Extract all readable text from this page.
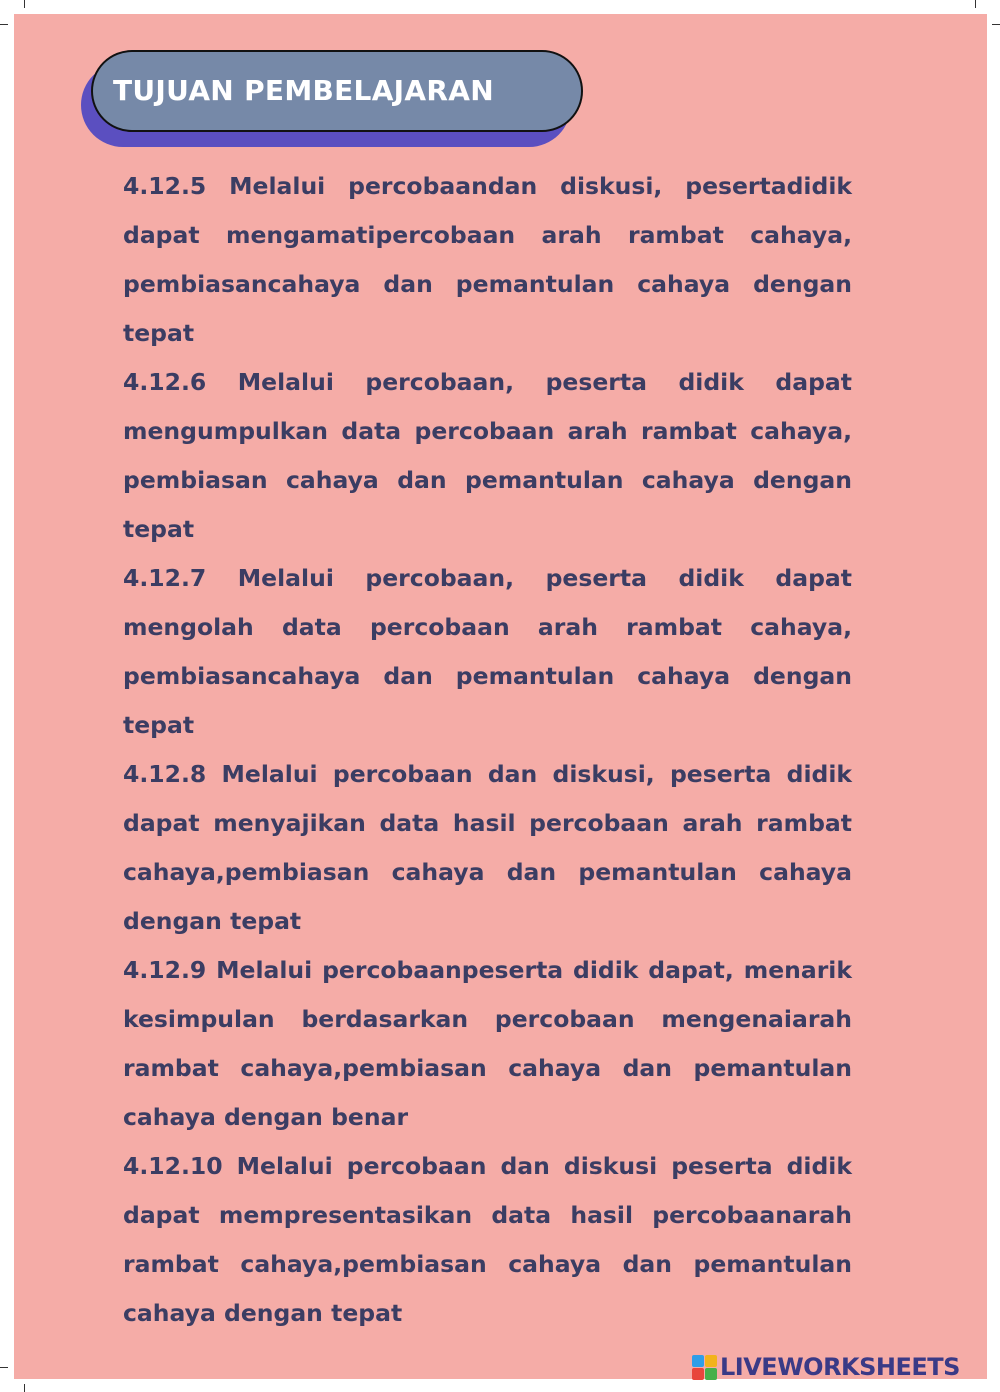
TUJUAN PEMBELAJARAN
4.12.5 Melalui percobaandan diskusi, pesertadidik dapat mengamatipercobaan arah rambat cahaya, pembiasancahaya dan pemantulan cahaya dengan tepat
4.12.6 Melalui percobaan, peserta didik dapat mengumpulkan data percobaan arah rambat cahaya, pembiasan cahaya dan pemantulan cahaya dengan tepat
4.12.7 Melalui percobaan, peserta didik dapat mengolah data percobaan arah rambat cahaya, pembiasancahaya dan pemantulan cahaya dengan tepat
4.12.8 Melalui percobaan dan diskusi, peserta didik dapat menyajikan data hasil percobaan arah rambat cahaya,pembiasan cahaya dan pemantulan cahaya dengan tepat
4.12.9 Melalui percobaanpeserta didik dapat, menarik kesimpulan berdasarkan percobaan mengenaiarah rambat cahaya,pembiasan cahaya dan pemantulan cahaya dengan benar
4.12.10 Melalui percobaan dan diskusi peserta didik dapat mempresentasikan data hasil percobaanarah rambat cahaya,pembiasan cahaya dan pemantulan cahaya dengan tepat
LIVEWORKSHEETS
